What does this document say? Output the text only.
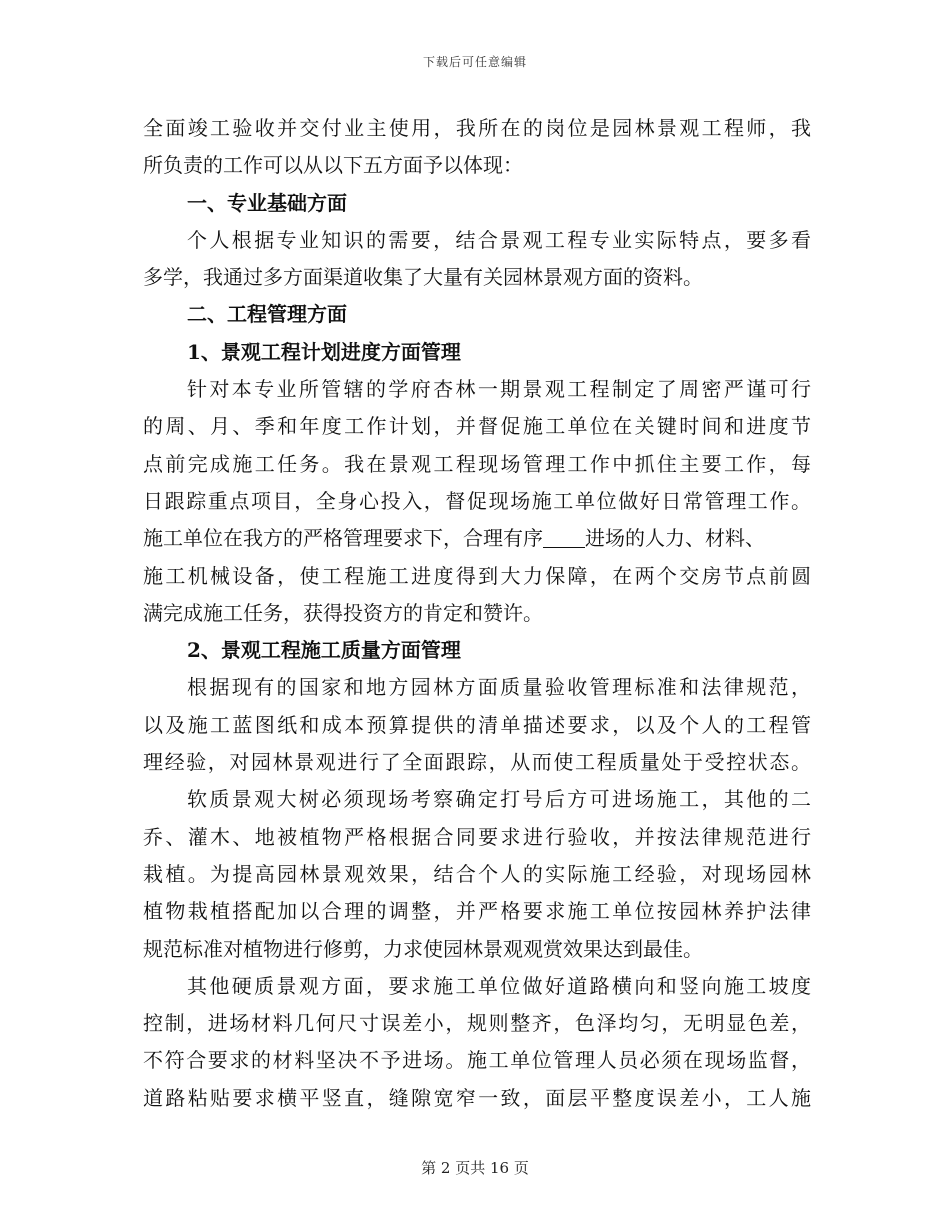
下载后可任意编辑
全面竣工验收并交付业主使用，我所在的岗位是园林景观工程师，我
所负责的工作可以从以下五方面予以体现：
一、专业基础方面
个人根据专业知识的需要，结合景观工程专业实际特点，要多看
多学，我通过多方面渠道收集了大量有关园林景观方面的资料。
二、工程管理方面
1、景观工程计划进度方面管理
针对本专业所管辖的学府杏林一期景观工程制定了周密严谨可行
的周、月、季和年度工作计划，并督促施工单位在关键时间和进度节
点前完成施工任务。我在景观工程现场管理工作中抓住主要工作，每
日跟踪重点项目，全身心投入，督促现场施工单位做好日常管理工作。
施工单位在我方的严格管理要求下，合理有序 进场的人力、材料、
施工机械设备，使工程施工进度得到大力保障，在两个交房节点前圆
满完成施工任务，获得投资方的肯定和赞许。
2、景观工程施工质量方面管理
根据现有的国家和地方园林方面质量验收管理标准和法律规范，
以及施工蓝图纸和成本预算提供的清单描述要求，以及个人的工程管
理经验，对园林景观进行了全面跟踪，从而使工程质量处于受控状态。
软质景观大树必须现场考察确定打号后方可进场施工，其他的二
乔、灌木、地被植物严格根据合同要求进行验收，并按法律规范进行
栽植。为提高园林景观效果，结合个人的实际施工经验，对现场园林
植物栽植搭配加以合理的调整，并严格要求施工单位按园林养护法律
规范标准对植物进行修剪，力求使园林景观观赏效果达到最佳。
其他硬质景观方面，要求施工单位做好道路横向和竖向施工坡度
控制，进场材料几何尺寸误差小，规则整齐，色泽均匀，无明显色差，
不符合要求的材料坚决不予进场。施工单位管理人员必须在现场监督，
道路粘贴要求横平竖直，缝隙宽窄一致，面层平整度误差小，工人施
第 2 页共 16 页
